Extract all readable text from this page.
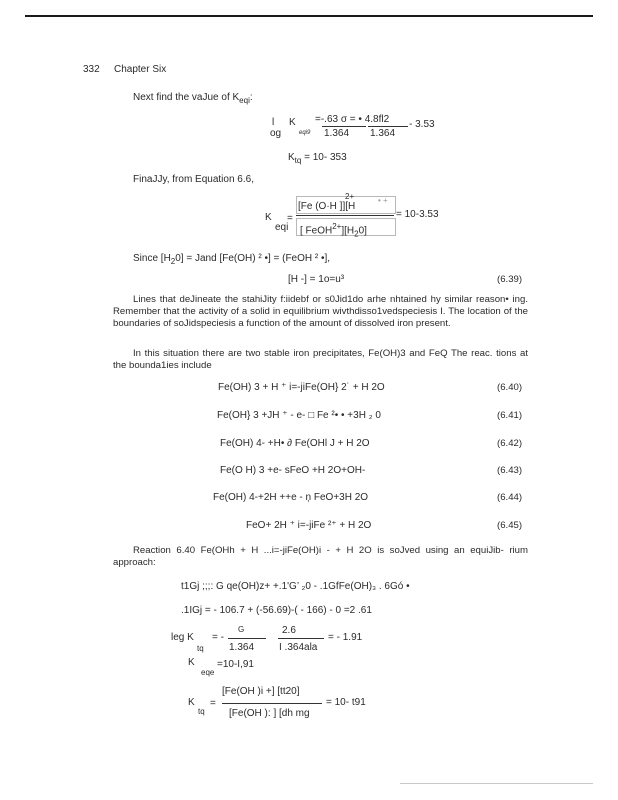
332 Chapter Six
Next find the vaJue of $K_{eqi}$:
l
og
K
eqi9
=-.63 σ = • 4.8fl2
1.364 1.364
- 3.53
$K_{tq} = 10-$ 353
FinaJJy, from Equation 6.6,
K
eqi
=
2+	• +
[Fe (O·H ]][H
[ $FeOH^{2+}][H_20]$
= 10-3.53
Since $[H_20]$ = Jand [Fe(OH) ² •] = (FeOH ² •],
[H -] = 1o=u³	(6.39)
Lines that deJineate the stahiJity f:iidebf or s0Jid1do arhe nhtained hy similar reason• ing. Remember that the activity of a solid in equilibrium wivthdisso1vedspeciesis I. The location of the boundaries of soJidspeciesis a function of the amount of dissolved iron present.
In this situation there are two stable iron precipitates, Fe(OH)3 and FeQ The reac. tions at the bounda1ies include
Fe(OH) 3 + H ⁺ i=-jiFe(OH} 2˙ + H 2O	(6.40)
Fe(OH} 3 +JH ⁺ - e- □ Fe ²• • +3H ₂ 0	(6.41)
Fe(OH) 4- +H• ∂ Fe(OHl J + H 2O	(6.42)
Fe(O H) 3 +e- sFeO +H 2O+OH-	(6.43)
Fe(OH) 4-+2H ++e - ņ FeO+3H 2O	(6.44)
FeO+ 2H ⁺ i=-jiFe ²⁺ + H 2O	(6.45)
Reaction 6.40 Fe(OHh + H ...i=-jiFe(OH)i - + H 2O is soJved using an equiJib- rium approach:
t1Gj ;;;: G qe(OH)z+ +.1'G’ ₂0 - .1GfFe(OH)₃ . 6Gó •
.1IGj = - 106.7 + (-56.69)-( - 166) - 0 =2 .61
leg K
tq
= -
G
1.364
2.6
I .364ala
= - 1.91
K
eqe
=10-I,91
K
tq
=
[Fe(OH )i +] [tt20]
[Fe(OH ): ] [dh mg
= 10- t91
